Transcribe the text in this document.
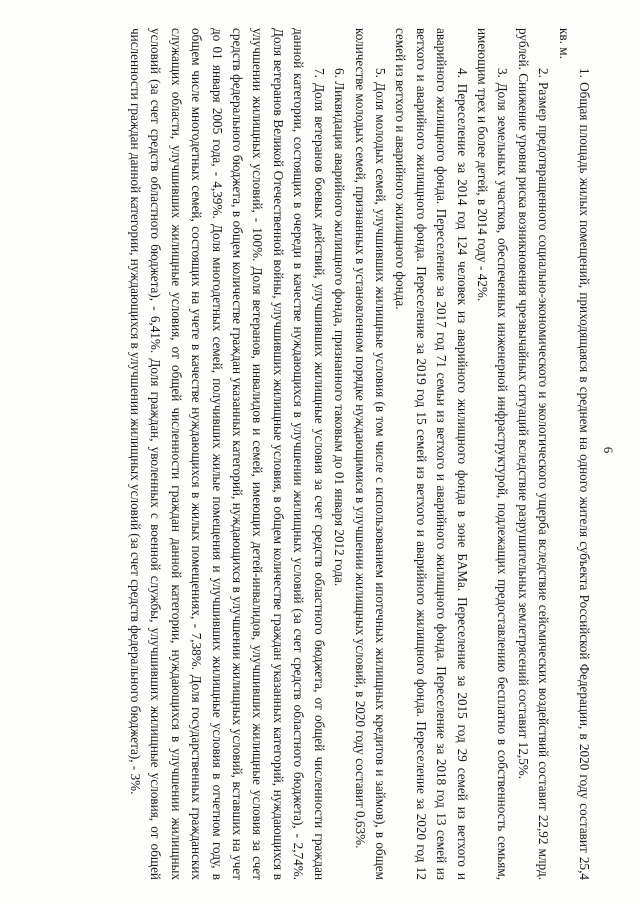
6

1. Общая площадь жилых помещений, приходящаяся в среднем на одного жителя субъекта Российской Федерации, в 2020 году составит 25,4 кв. м.

2. Размер предотвращенного социально-экономического и экологического ущерба вследствие сейсмических воздействий составит 22,92 млрд. рублей. Снижение уровня риска возникновения чрезвычайных ситуаций вследствие разрушительных землетрясений составит 12,5%.

3. Доля земельных участков, обеспеченных инженерной инфраструктурой, подлежащих предоставлению бесплатно в собственность семьям, имеющим трех и более детей, в 2014 году - 42%.

4. Переселение за 2014 год 124 человек из аварийного жилищного фонда в зоне БАМа. Переселение за 2015 год 29 семей из ветхого и аварийного жилищного фонда. Переселение за 2017 год 71 семьи из ветхого и аварийного жилищного фонда. Переселение за 2018 год 13 семей из ветхого и аварийного жилищного фонда. Переселение за 2019 год 15 семей из ветхого и аварийного жилищного фонда. Переселение за 2020 год 12 семей из ветхого и аварийного жилищного фонда.

5. Доля молодых семей, улучшивших жилищные условия (в том числе с использованием ипотечных жилищных кредитов и займов), в общем количестве молодых семей, признанных в установленном порядке нуждающимися в улучшении жилищных условий, в 2020 году составит 0,63%.

6. Ликвидация аварийного жилищного фонда, признанного таковым до 01 января 2012 года.

7. Доля ветеранов боевых действий, улучшивших жилищные условия за счет средств областного бюджета, от общей численности граждан данной категории, состоящих в очереди в качестве нуждающихся в улучшении жилищных условий (за счет средств областного бюджета), - 2,74%. Доля ветеранов Великой Отечественной войны, улучшивших жилищные условия, в общем количестве граждан указанных категорий, нуждающихся в улучшении жилищных условий, - 100%. Доля ветеранов, инвалидов и семей, имеющих детей-инвалидов, улучшивших жилищные условия за счет средств федерального бюджета, в общем количестве граждан указанных категорий, нуждающихся в улучшении жилищных условий, вставших на учет до 01 января 2005 года, - 4,39%. Доля многодетных семей, получивших жилые помещения и улучшивших жилищные условия в отчетном году, в общем числе многодетных семей, состоящих на учете в качестве нуждающихся в жилых помещениях, - 7,38%. Доля государственных гражданских служащих области, улучшивших жилищные условия, от общей численности граждан данной категории, нуждающихся в улучшении жилищных условий (за счет средств областного бюджета), - 6,41%. Доля граждан, уволенных с военной службы, улучшивших жилищные условия, от общей численности граждан данной категории, нуждающихся в улучшении жилищных условий (за счет средств федерального бюджета), - 3%.
